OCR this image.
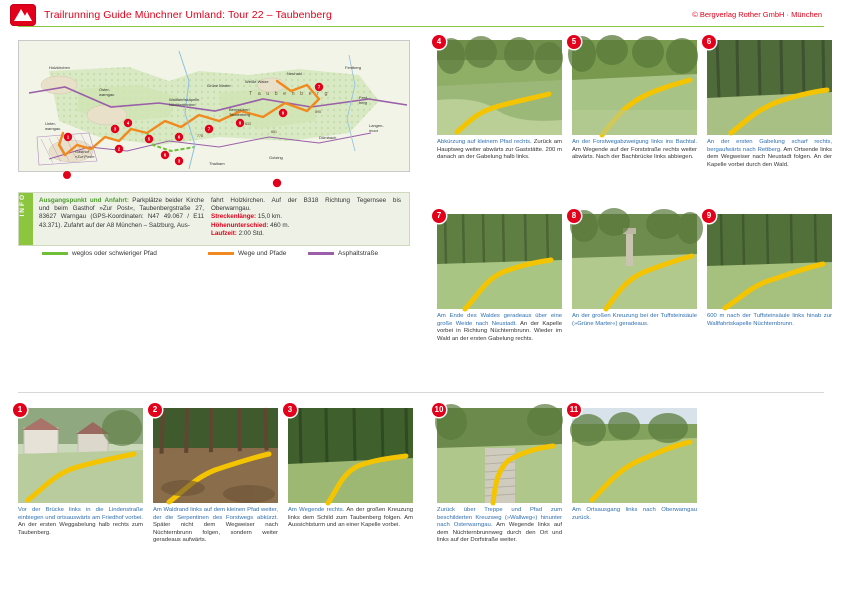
Trailrunning Guide Münchner Umland: Tour 22 – Taubenberg	© Bergverlag Rother GmbH · München
778
833
881
895
1
2
3
3
4
5
6
6
7
8
9
7
Holzkirchen
Oster-
warngau
Unter-
warngau
Weiße Walze
Neuhaid
Fentberg
Fent-
berg
Grüne Marter
Wallfahrtskapelle
Nüchternbrunn
Bergstüberl
Taubenberg
T a u b e n b e r g
Gasthof
»Zur Post«
Langen-
moor
Dürnbach
Gotzing
Thalham
INFO Ausgangspunkt und Anfahrt: Parkplätze beider Kirche und beim Gasthof »Zur Post«, Taubenbergstraße 27, 83627 Warngau (GPS-Koordinaten: N47 49.067 / E11 43.371). Zufahrt auf der A8 München – Salzburg, Aus-
fahrt Holzkirchen. Auf der B318 Richtung Tegernsee bis Oberwarngau.
Streckenlänge: 15,0 km.
Höhenunterschied: 460 m.
Laufzeit: 2:00 Std.
weglos oder schwieriger Pfad	Wege und Pfade	Asphaltstraße
4
Abkürzung auf kleinem Pfad rechts. Zurück am Hauptweg weiter abwärts zur Gaststätte. 200 m danach an der Gabelung halb links.
5
An der Forstwegabzweigung links ins Bachtal. Am Wegende auf der Forststraße rechts weiter abwärts. Nach der Bachbrücke links abbiegen.
6
An der ersten Gabelung scharf rechts, bergaufwärts nach Rettberg. Am Ortsende links dem Wegweiser nach Neustadt folgen. An der Kapelle vorbei durch den Wald.
7
Am Ende des Waldes geradeaus über eine große Weide nach Neustadt. An der Kapelle vorbei in Richtung Nüchternbrunn. Wieder im Wald an der ersten Gabelung rechts.
8
An der großen Kreuzung bei der Tuffsteinsäule (»Grüne Marter«) geradeaus.
9
600 m nach der Tuffsteinsäule links hinab zur Wallfahrtskapelle Nüchternbrunn.
1
Vor der Brücke links in die Lindenstraße einbiegen und ortsauswärts am Friedhof vorbei. An der ersten Weggabelung halb rechts zum Taubenberg.
2
Am Waldrand links auf dem kleinen Pfad weiter, der die Serpentinen des Forstwegs abkürzt. Später nicht dem Wegweiser nach Nüchternbrunn folgen, sondern weiter geradeaus aufwärts.
3
Am Wegende rechts. An der großen Kreuzung links dem Schild zum Taubenberg folgen. Am Aussichtsturm und an einer Kapelle vorbei.
10
Zurück über Treppe und Pfad zum beschilderten Kreuzweg (»Wallweg«) hinunter nach Osterwarngau. Am Wegende links auf dem Nüchternbrunnweg durch den Ort und links auf der Dorfstraße weiter.
11
Am Ortsausgang links nach Oberwarngau zurück.
